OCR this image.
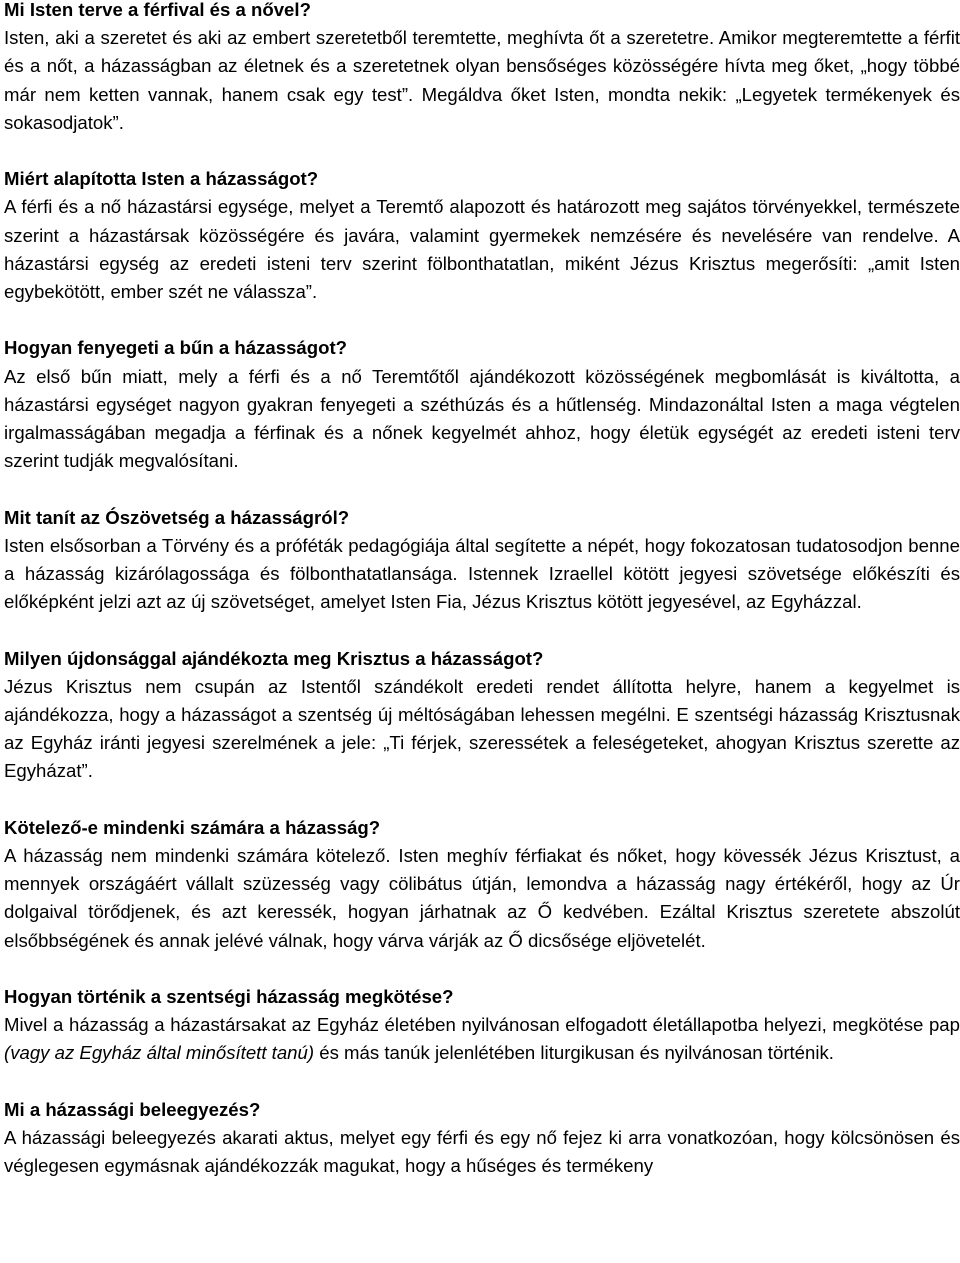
Mi Isten terve a férfival és a nővel?

Isten, aki a szeretet és aki az embert szeretetből teremtette, meghívta őt a szeretetre. Amikor megteremtette a férfit és a nőt, a házasságban az életnek és a szeretetnek olyan bensőséges közösségére hívta meg őket, „hogy többé már nem ketten vannak, hanem csak egy test”. Megáldva őket Isten, mondta nekik: „Legyetek termékenyek és sokasodjatok”.

Miért alapította Isten a házasságot?

A férfi és a nő házastársi egysége, melyet a Teremtő alapozott és határozott meg sajátos törvényekkel, természete szerint a házastársak közösségére és javára, valamint gyermekek nemzésére és nevelésére van rendelve. A házastársi egység az eredeti isteni terv szerint fölbonthatatlan, miként Jézus Krisztus megerősíti: „amit Isten egybekötött, ember szét ne válassza”.

Hogyan fenyegeti a bűn a házasságot?

Az első bűn miatt, mely a férfi és a nő Teremtőtől ajándékozott közösségének megbomlását is kiváltotta, a házastársi egységet nagyon gyakran fenyegeti a széthúzás és a hűtlenség. Mindazonáltal Isten a maga végtelen irgalmasságában megadja a férfinak és a nőnek kegyelmét ahhoz, hogy életük egységét az eredeti isteni terv szerint tudják megvalósítani.

Mit tanít az Ószövetség a házasságról?

Isten elsősorban a Törvény és a próféták pedagógiája által segítette a népét, hogy fokozatosan tudatosodjon benne a házasság kizárólagossága és fölbonthatatlansága. Istennek Izraellel kötött jegyesi szövetsége előkészíti és előképként jelzi azt az új szövetséget, amelyet Isten Fia, Jézus Krisztus kötött jegyesével, az Egyházzal.

Milyen újdonsággal ajándékozta meg Krisztus a házasságot?

Jézus Krisztus nem csupán az Istentől szándékolt eredeti rendet állította helyre, hanem a kegyelmet is ajándékozza, hogy a házasságot a szentség új méltóságában lehessen megélni. E szentségi házasság Krisztusnak az Egyház iránti jegyesi szerelmének a jele: „Ti férjek, szeressétek a feleségeteket, ahogyan Krisztus szerette az Egyházat”.

Kötelező-e mindenki számára a házasság?

A házasság nem mindenki számára kötelező. Isten meghív férfiakat és nőket, hogy kövessék Jézus Krisztust, a mennyek országáért vállalt szüzesség vagy cölibátus útján, lemondva a házasság nagy értékéről, hogy az Úr dolgaival törődjenek, és azt keressék, hogyan járhatnak az Ő kedvében. Ezáltal Krisztus szeretete abszolút elsőbbségének és annak jelévé válnak, hogy várva várják az Ő dicsősége eljövetelét.

Hogyan történik a szentségi házasság megkötése?

Mivel a házasság a házastársakat az Egyház életében nyilvánosan elfogadott életállapotba helyezi, megkötése pap (vagy az Egyház által minősített tanú) és más tanúk jelenlétében liturgikusan és nyilvánosan történik.

Mi a házassági beleegyezés?

A házassági beleegyezés akarati aktus, melyet egy férfi és egy nő fejez ki arra vonatkozóan, hogy kölcsönösen és véglegesen egymásnak ajándékozzák magukat, hogy a hűséges és termékeny
